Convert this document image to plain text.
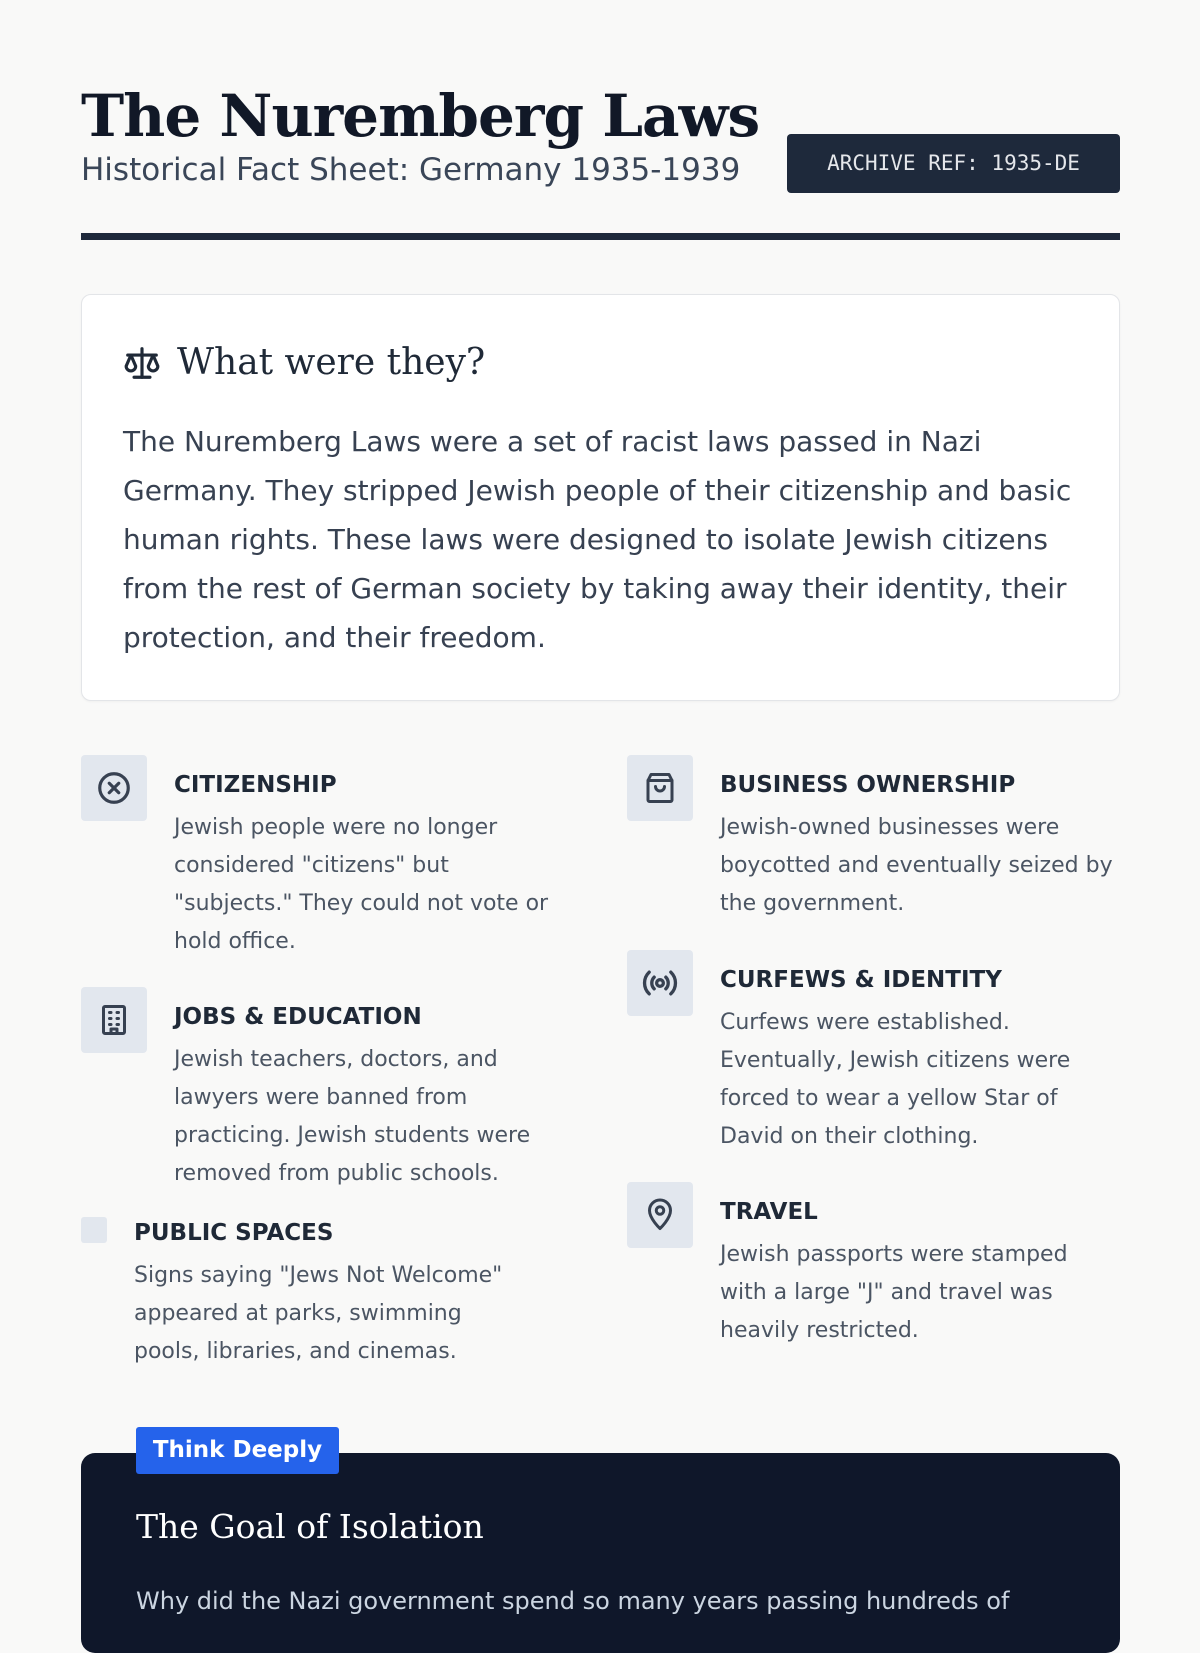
The Nuremberg Laws
Historical Fact Sheet: Germany 1935-1939	ARCHIVE REF: 1935-DE
What were they?

The Nuremberg Laws were a set of racist laws passed in Nazi Germany. They stripped Jewish people of their citizenship and basic human rights. These laws were designed to isolate Jewish citizens from the rest of German society by taking away their identity, their protection, and their freedom.

CITIZENSHIP
Jewish people were no longer considered "citizens" but "subjects." They could not vote or hold office.
JOBS & EDUCATION
Jewish teachers, doctors, and lawyers were banned from practicing. Jewish students were removed from public schools.
PUBLIC SPACES
Signs saying "Jews Not Welcome" appeared at parks, swimming pools, libraries, and cinemas.
BUSINESS OWNERSHIP
Jewish-owned businesses were boycotted and eventually seized by the government.
CURFEWS & IDENTITY
Curfews were established. Eventually, Jewish citizens were forced to wear a yellow Star of David on their clothing.
TRAVEL
Jewish passports were stamped with a large "J" and travel was heavily restricted.
The Goal of Isolation
Why did the Nazi government spend so many years passing hundreds of
Think Deeply
